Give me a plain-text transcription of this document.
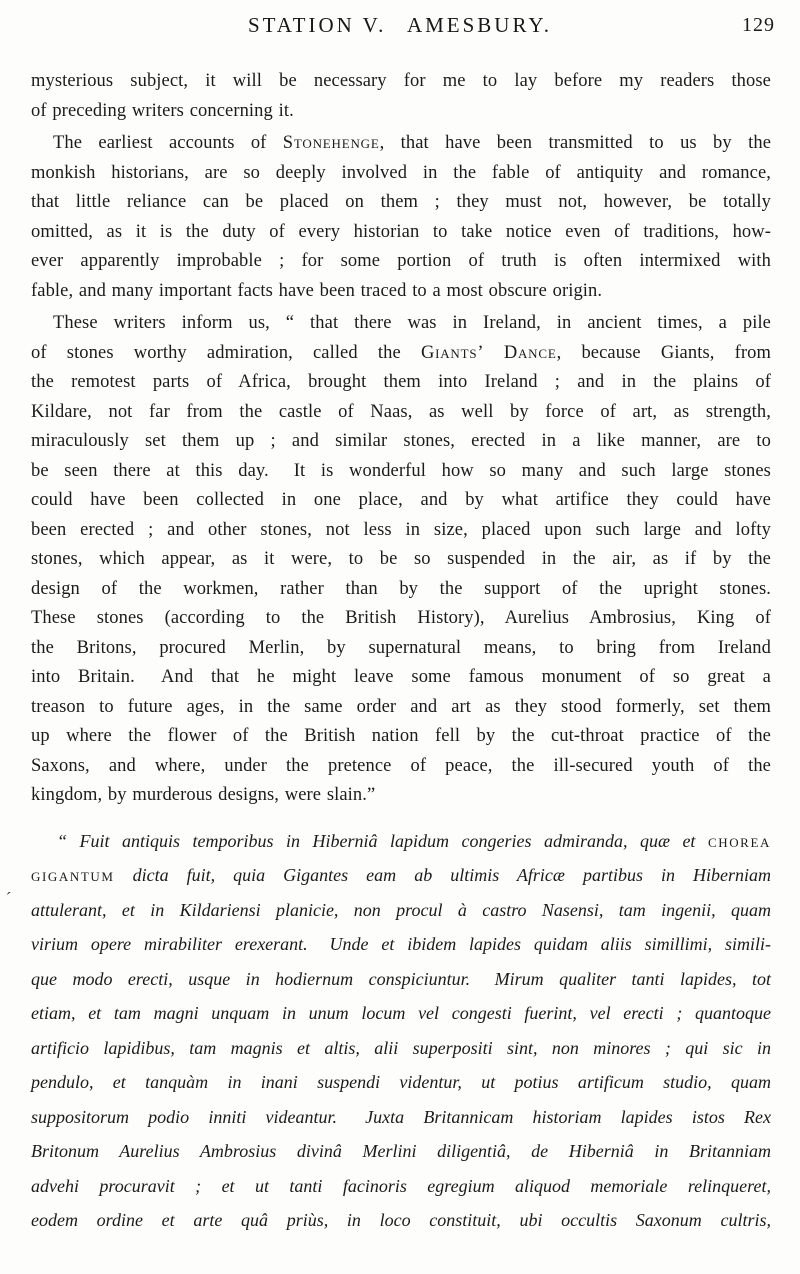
STATION V.  AMESBURY.	129
´
mysterious subject, it will be necessary for me to lay before my readers those
of preceding writers concerning it.
The earliest accounts of Stonehenge, that have been transmitted to us by the
monkish historians, are so deeply involved in the fable of antiquity and romance,
that little reliance can be placed on them ; they must not, however, be totally
omitted, as it is the duty of every historian to take notice even of traditions, how-
ever apparently improbable ; for some portion of truth is often intermixed with
fable, and many important facts have been traced to a most obscure origin.
These writers inform us, “ that there was in Ireland, in ancient times, a pile
of stones worthy admiration, called the Giants’ Dance, because Giants, from
the remotest parts of Africa, brought them into Ireland ; and in the plains of
Kildare, not far from the castle of Naas, as well by force of art, as strength,
miraculously set them up ; and similar stones, erected in a like manner, are to
be seen there at this day.  It is wonderful how so many and such large stones
could have been collected in one place, and by what artifice they could have
been erected ; and other stones, not less in size, placed upon such large and lofty
stones, which appear, as it were, to be so suspended in the air, as if by the
design of the workmen, rather than by the support of the upright stones.
These stones (according to the British History), Aurelius Ambrosius, King of
the Britons, procured Merlin, by supernatural means, to bring from Ireland
into Britain.  And that he might leave some famous monument of so great a
treason to future ages, in the same order and art as they stood formerly, set them
up where the flower of the British nation fell by the cut-throat practice of the
Saxons, and where, under the pretence of peace, the ill-secured youth of the
kingdom, by murderous designs, were slain.”
“ Fuit antiquis temporibus in Hiberniâ lapidum congeries admiranda, quæ et chorea
gigantum dicta fuit, quia Gigantes eam ab ultimis Africæ partibus in Hiberniam
attulerant, et in Kildariensi planicie, non procul à castro Nasensi, tam ingenii, quam
virium opere mirabiliter erexerant.  Unde et ibidem lapides quidam aliis simillimi, simili-
que modo erecti, usque in hodiernum conspiciuntur.  Mirum qualiter tanti lapides, tot
etiam, et tam magni unquam in unum locum vel congesti fuerint, vel erecti ; quantoque
artificio lapidibus, tam magnis et altis, alii superpositi sint, non minores ; qui sic in
pendulo, et tanquàm in inani suspendi videntur, ut potius artificum studio, quam
suppositorum podio inniti videantur.  Juxta Britannicam historiam lapides istos Rex
Britonum Aurelius Ambrosius divinâ Merlini diligentiâ, de Hiberniâ in Britanniam
advehi procuravit ; et ut tanti facinoris egregium aliquod memoriale relinqueret,
eodem ordine et arte quâ priùs, in loco constituit, ubi occultis Saxonum cultris,
